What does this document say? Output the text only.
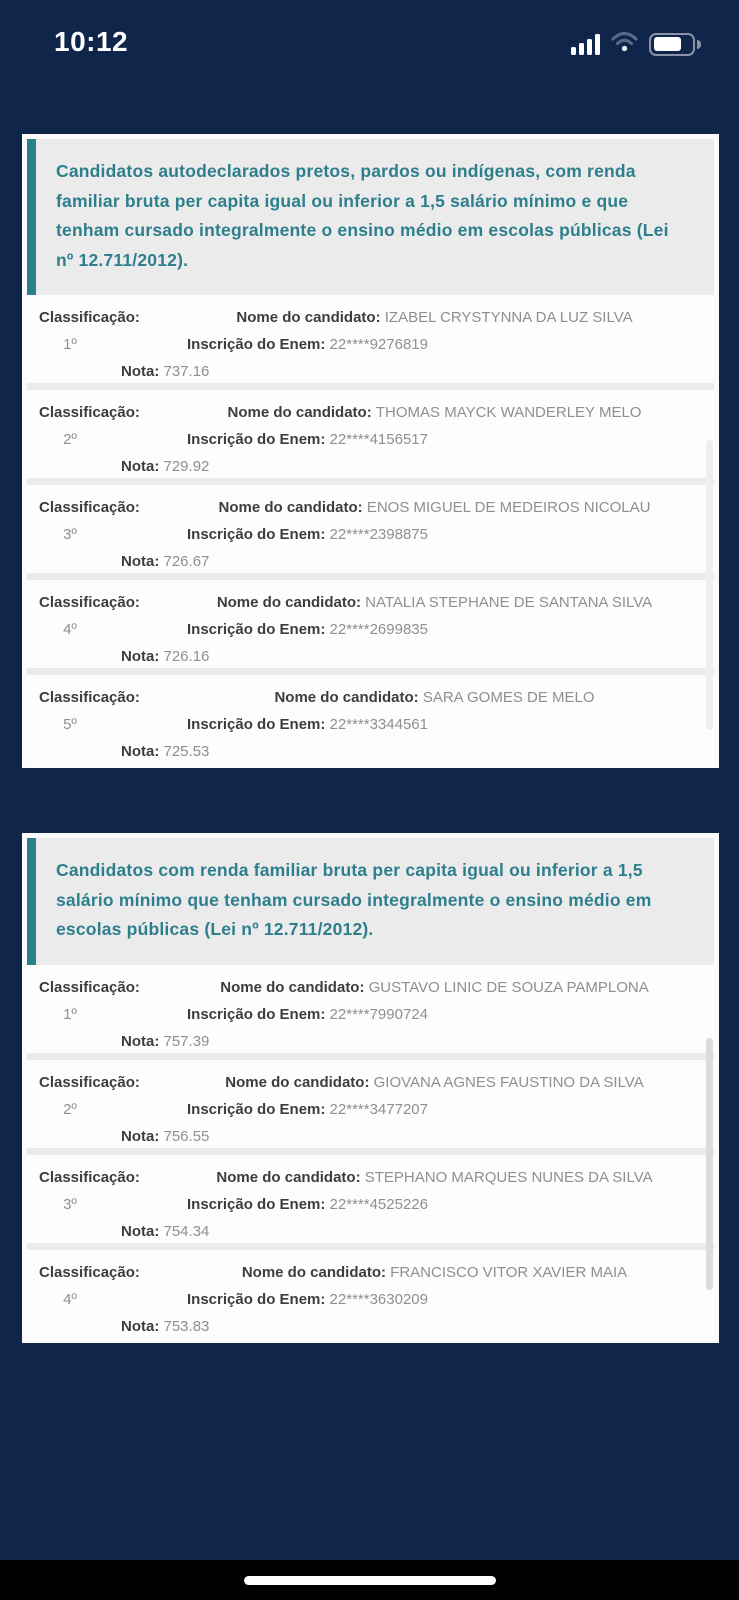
10:12
Candidatos autodeclarados pretos, pardos ou indígenas, com renda familiar bruta per capita igual ou inferior a 1,5 salário mínimo e que tenham cursado integralmente o ensino médio em escolas públicas (Lei nº 12.711/2012).
Classificação:	Nome do candidato: IZABEL CRYSTYNNA DA LUZ SILVA
1º	Inscrição do Enem: 22****9276819
Nota: 737.16
Classificação:	Nome do candidato: THOMAS MAYCK WANDERLEY MELO
2º	Inscrição do Enem: 22****4156517
Nota: 729.92
Classificação:	Nome do candidato: ENOS MIGUEL DE MEDEIROS NICOLAU
3º	Inscrição do Enem: 22****2398875
Nota: 726.67
Classificação:	Nome do candidato: NATALIA STEPHANE DE SANTANA SILVA
4º	Inscrição do Enem: 22****2699835
Nota: 726.16
Classificação:	Nome do candidato: SARA GOMES DE MELO
5º	Inscrição do Enem: 22****3344561
Nota: 725.53
Candidatos com renda familiar bruta per capita igual ou inferior a 1,5 salário mínimo que tenham cursado integralmente o ensino médio em escolas públicas (Lei nº 12.711/2012).
Classificação:	Nome do candidato: GUSTAVO LINIC DE SOUZA PAMPLONA
1º	Inscrição do Enem: 22****7990724
Nota: 757.39
Classificação:	Nome do candidato: GIOVANA AGNES FAUSTINO DA SILVA
2º	Inscrição do Enem: 22****3477207
Nota: 756.55
Classificação:	Nome do candidato: STEPHANO MARQUES NUNES DA SILVA
3º	Inscrição do Enem: 22****4525226
Nota: 754.34
Classificação:	Nome do candidato: FRANCISCO VITOR XAVIER MAIA
4º	Inscrição do Enem: 22****3630209
Nota: 753.83
